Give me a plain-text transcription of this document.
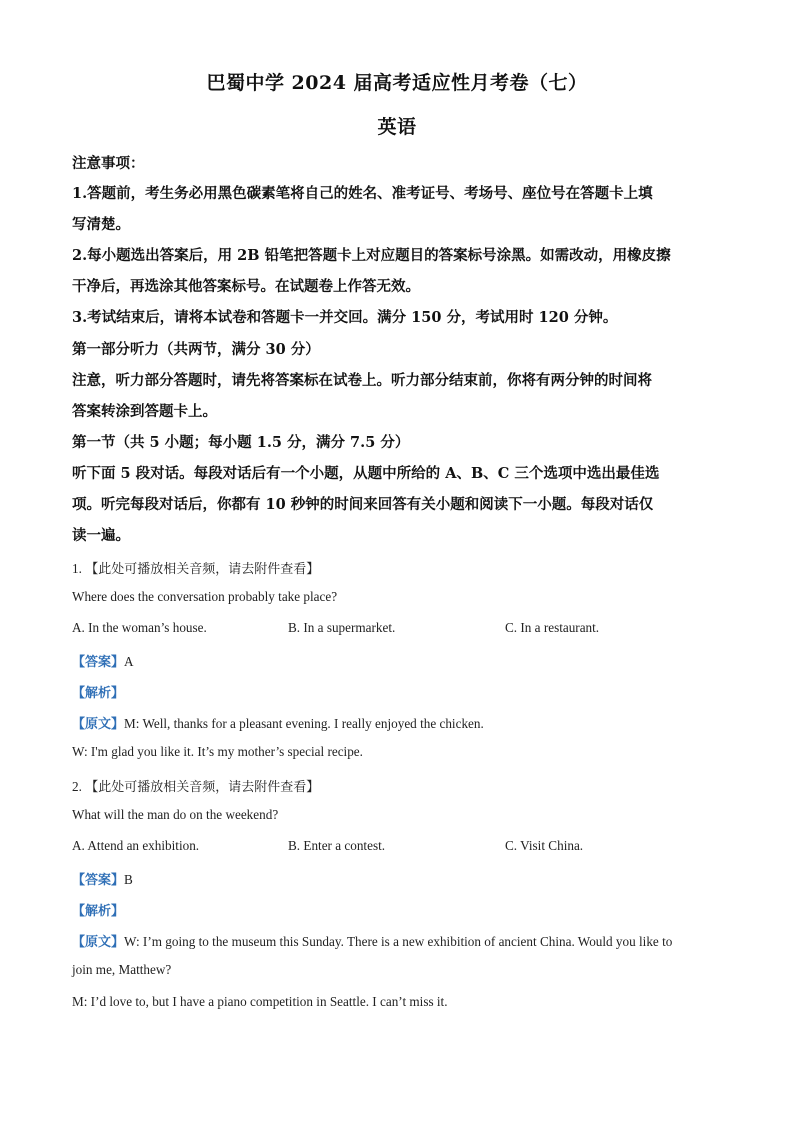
巴蜀中学 2024 届高考适应性月考卷（七）
英语
注意事项：
1.答题前，考生务必用黑色碳素笔将自己的姓名、准考证号、考场号、座位号在答题卡上填
写清楚。
2.每小题选出答案后，用 2B 铅笔把答题卡上对应题目的答案标号涂黑。如需改动，用橡皮擦
干净后，再选涂其他答案标号。在试题卷上作答无效。
3.考试结束后，请将本试卷和答题卡一并交回。满分 150 分，考试用时 120 分钟。
第一部分听力（共两节，满分 30 分）
注意，听力部分答题时，请先将答案标在试卷上。听力部分结束前，你将有两分钟的时间将
答案转涂到答题卡上。
第一节（共 5 小题；每小题 1.5 分，满分 7.5 分）
听下面 5 段对话。每段对话后有一个小题，从题中所给的 A、B、C 三个选项中选出最佳选
项。听完每段对话后，你都有 10 秒钟的时间来回答有关小题和阅读下一小题。每段对话仅
读一遍。
1. 【此处可播放相关音频，请去附件查看】
Where does the conversation probably take place?
A. In the woman’s house.	B. In a supermarket.	C. In a restaurant.
【答案】A
【解析】
【原文】M: Well, thanks for a pleasant evening. I really enjoyed the chicken.
W: I'm glad you like it. It’s my mother’s special recipe.
2. 【此处可播放相关音频，请去附件查看】
What will the man do on the weekend?
A. Attend an exhibition.	B. Enter a contest.	C. Visit China.
【答案】B
【解析】
【原文】W: I’m going to the museum this Sunday. There is a new exhibition of ancient China. Would you like to
join me, Matthew?
M: I’d love to, but I have a piano competition in Seattle. I can’t miss it.
